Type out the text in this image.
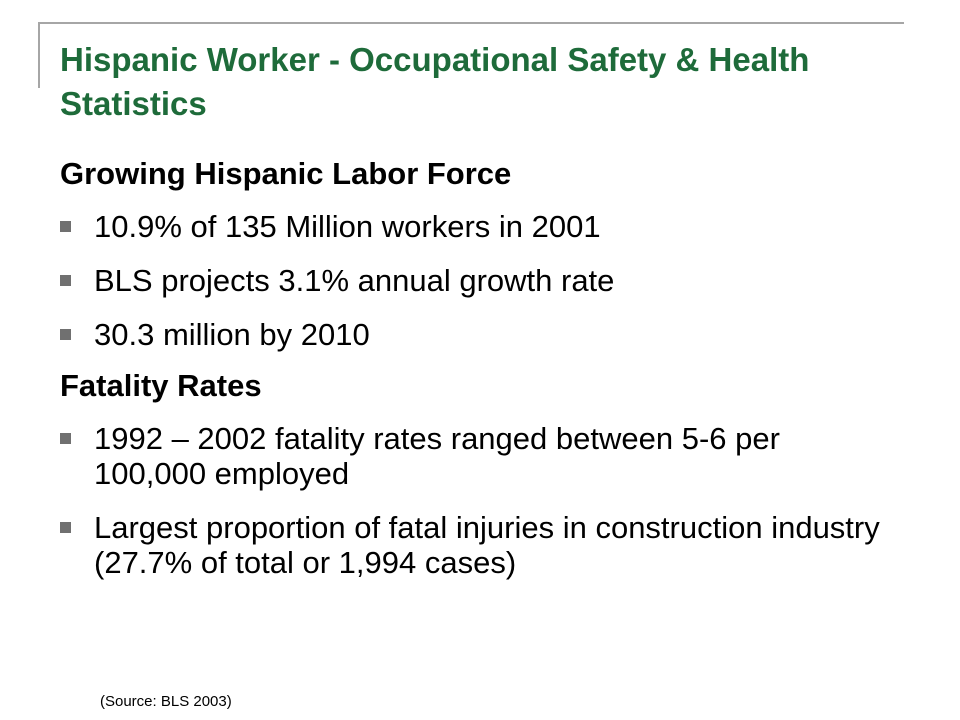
Hispanic Worker - Occupational Safety & Health Statistics
Growing Hispanic Labor Force
10.9% of 135 Million workers in 2001
BLS projects 3.1% annual growth rate
30.3 million by 2010
Fatality Rates
1992 – 2002 fatality rates ranged between 5-6 per 100,000 employed
Largest proportion of fatal injuries in construction industry (27.7% of total or 1,994 cases)
(Source: BLS 2003)
